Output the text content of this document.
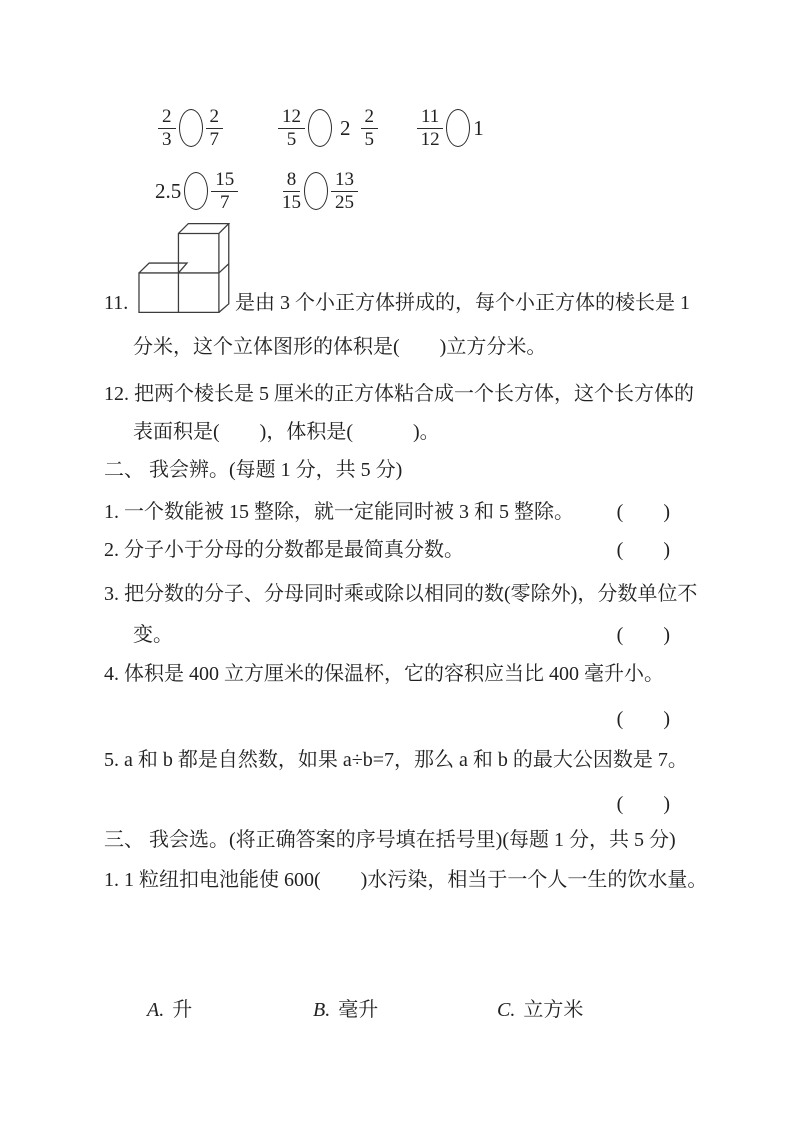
$\frac{2}{3} \frac{2}{7}$	$\frac{12}{5} 2 \frac{2}{5} \frac{11}{12} 1$
$2.5 \frac{15}{7} \frac{8}{15} \frac{13}{25}$
11.	是由 3 个小正方体拼成的，每个小正方体的棱长是 1
分米，这个立体图形的体积是(　　)立方分米。
12. 把两个棱长是 5 厘米的正方体粘合成一个长方体，这个长方体的
表面积是(　　)，体积是(　　　)。
二、 我会辨。(每题 1 分，共 5 分)
1. 一个数能被 15 整除，就一定能同时被 3 和 5 整除。 (　　)
2. 分子小于分母的分数都是最简真分数。	(　　)
3. 把分数的分子、分母同时乘或除以相同的数(零除外)，分数单位不
变。	(　　)
4. 体积是 400 立方厘米的保温杯，它的容积应当比 400 毫升小。
(　　)
5. a 和 b 都是自然数，如果 a÷b=7，那么 a 和 b 的最大公因数是 7。
(　　)
三、 我会选。(将正确答案的序号填在括号里)(每题 1 分，共 5 分)
1. 1 粒纽扣电池能使 600(　　)水污染，相当于一个人一生的饮水量。
A. 升	B. 毫升	C. 立方米
